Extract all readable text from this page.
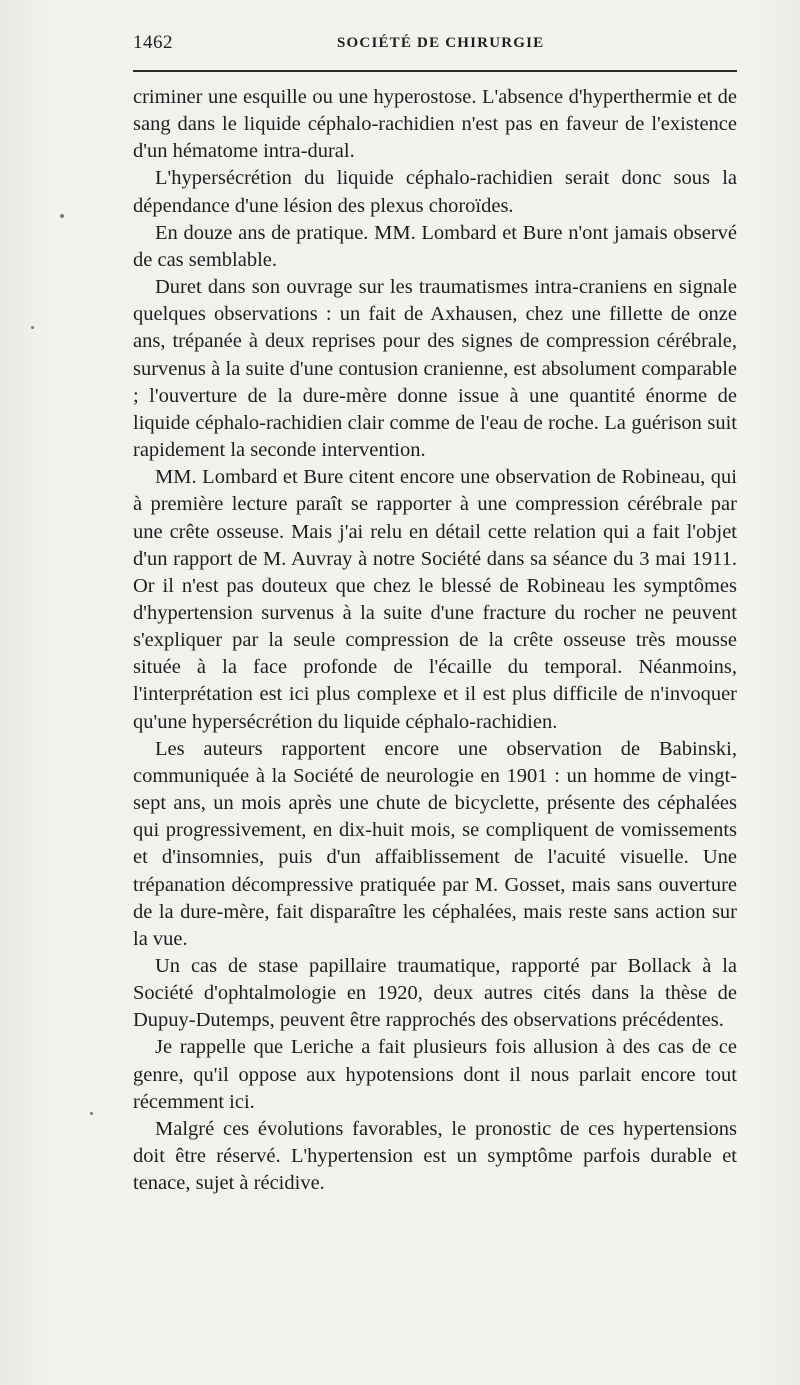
1462	SOCIÉTÉ DE CHIRURGIE

criminer une esquille ou une hyperostose. L'absence d'hyperthermie et de sang dans le liquide céphalo-rachidien n'est pas en faveur de l'existence d'un hématome intra-dural.

L'hypersécrétion du liquide céphalo-rachidien serait donc sous la dépendance d'une lésion des plexus choroïdes.

En douze ans de pratique. MM. Lombard et Bure n'ont jamais observé de cas semblable.

Duret dans son ouvrage sur les traumatismes intra-craniens en signale quelques observations : un fait de Axhausen, chez une fillette de onze ans, trépanée à deux reprises pour des signes de compression cérébrale, survenus à la suite d'une contusion cranienne, est absolument comparable ; l'ouverture de la dure-mère donne issue à une quantité énorme de liquide céphalo-rachidien clair comme de l'eau de roche. La guérison suit rapidement la seconde intervention.

MM. Lombard et Bure citent encore une observation de Robineau, qui à première lecture paraît se rapporter à une compression cérébrale par une crête osseuse. Mais j'ai relu en détail cette relation qui a fait l'objet d'un rapport de M. Auvray à notre Société dans sa séance du 3 mai 1911. Or il n'est pas douteux que chez le blessé de Robineau les symptômes d'hypertension survenus à la suite d'une fracture du rocher ne peuvent s'expliquer par la seule compression de la crête osseuse très mousse située à la face profonde de l'écaille du temporal. Néanmoins, l'interprétation est ici plus complexe et il est plus difficile de n'invoquer qu'une hypersécrétion du liquide céphalo-rachidien.

Les auteurs rapportent encore une observation de Babinski, communiquée à la Société de neurologie en 1901 : un homme de vingt-sept ans, un mois après une chute de bicyclette, présente des céphalées qui progressivement, en dix-huit mois, se compliquent de vomissements et d'insomnies, puis d'un affaiblissement de l'acuité visuelle. Une trépanation décompressive pratiquée par M. Gosset, mais sans ouverture de la dure-mère, fait disparaître les céphalées, mais reste sans action sur la vue.

Un cas de stase papillaire traumatique, rapporté par Bollack à la Société d'ophtalmologie en 1920, deux autres cités dans la thèse de Dupuy-Dutemps, peuvent être rapprochés des observations précédentes.

Je rappelle que Leriche a fait plusieurs fois allusion à des cas de ce genre, qu'il oppose aux hypotensions dont il nous parlait encore tout récemment ici.

Malgré ces évolutions favorables, le pronostic de ces hypertensions doit être réservé. L'hypertension est un symptôme parfois durable et tenace, sujet à récidive.
